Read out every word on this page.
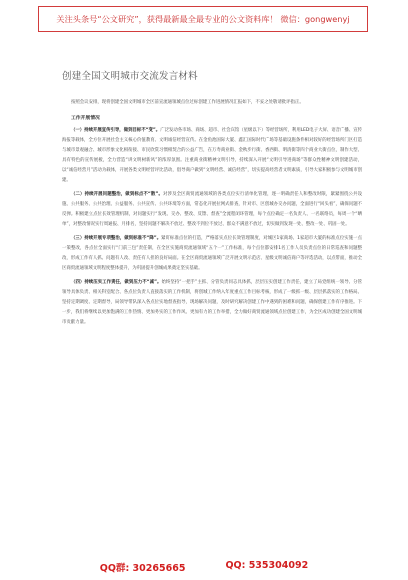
关注头条号“公文研究”，获得最新最全最专业的公文资料库！ 微信：gongwenyj
创建全国文明城市交流发言材料

按照会议安排，现将创建全国文明城市全区前宣流通领城点位过标创建工作进展情况汇报如下，不妥之处敬请批评指正。

工作开展情况

（一）持续开展宣传引导，做到目标不“变”。广泛发动各市场、商场、超市、社会宾馆（星级以下）等经营场所，利用LED电子大屏、语音广播、宣传海报等载体，全方位开展社会主义核心价值教育、文明诚信经营宣传。在金鱼池国际大厦、鑫汇国际时代广场等基础设施条件相对较好的经营场所门区打造与城市景观融合、城市形象文化相衔接、市民欣赏习惯相契合的公益广告，在万寿商业街、金秋步行街、香西街、明清街等四个商业大街点位，制作大型、具有特色的宣传展板，全力营造“讲文明树新风”的浓厚氛围。注重商业街精神文明引导，持续深入开展“文明引导进商场”等群众性精神文明创建活动，以“诚信经营月”活动为载体，开展各类文明经营评比活动，倡导商户做到“文明经营、诚信经营”，切实提高经营者文明素质，引导大家积极参与文明城市创建。

（二）持续开展问题整治，做到标点不“散”。对涉及全区商贸流通领域的各类点位实行清单化管理，逐一明确责任人和整改时限，紧紧围绕公共设施、公共服务、公共治理、公益服务、公共宣传、公共环境等方面，常态化开展拉网式排查，针对市、区创城办交办问题，全面进行“回头看”，确保问题不反弹。积极建立点位长效管理机制，对问题实行“发现、交办、整改、反馈、督查”全流程闭环管理，每个点位确定一名负责人、一名联络员，每周一个“晒单”，对整改情况实行周通报、月排名，坚持问题不解决不放过、整改不到位不放过、群众不满意不放过，切实做到发现一处、整改一处、巩固一处。

（三）持续开展专项整治，做到标准不“降”。紧盯标准点位的打造，严格落实点位长效管理制度，对城区1家商场、1家超市大厦的标准点位实施一点一策整改，各点位全面实行“门前三包”责任制，在全区实施商贸流通领域“五个一”工作标准，每个点位都安排1名工作人员负责点位的日常巡查和问题整改，形成工作有人抓、问题有人改、责任有人担的良好局面。在全区商贸流通领域广泛开展文明示范店、星级文明诚信商户等评选活动，以点带面，推动全区商贸流通领域文明程度整体提升，为巩固提升创城成果奠定坚实基础。

（四）持续压实工作责任，做到压力不“减”。始终坚持“一把手”主抓、分管负责同志具体抓，层层压实创建工作责任，建立了局党组统一领导、分管领导具体负责、相关科室配合、各点位负责人直接落实的工作机制，将创城工作纳入年度重点工作目标考核，形成了一级抓一级、层层抓落实的工作格局。坚持定期调度、定期督导，局领导带队深入各点位实地督查指导，现场解决问题，及时研究解决创建工作中遇到的困难和问题，确保创建工作有序推进。下一步，我们将继续以更加饱满的工作热情、更加务实的工作作风、更加有力的工作举措，全力做好商贸流通领域点位创建工作，为全区成功创建全国文明城市贡献力量。

QQ群: 30265665	QQ: 535304092
